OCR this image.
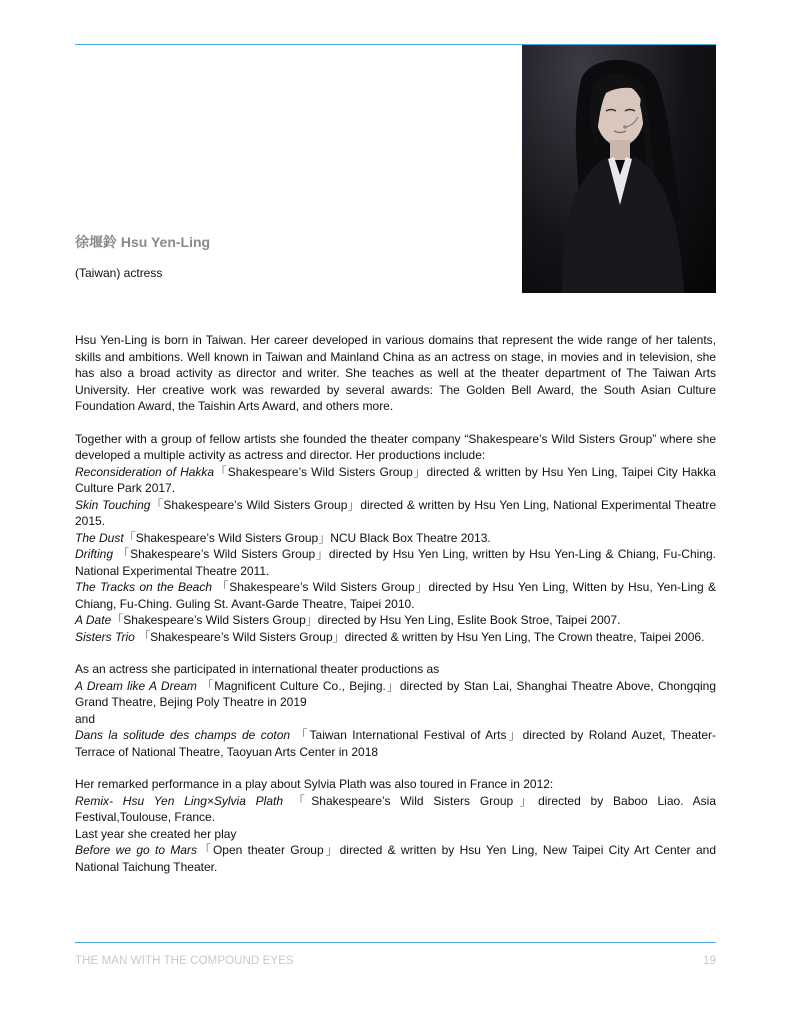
徐堰鈴 Hsu Yen-Ling
(Taiwan) actress

Hsu Yen-Ling is born in Taiwan. Her career developed in various domains that represent the wide range of her talents, skills and ambitions. Well known in Taiwan and Mainland China as an actress on stage, in movies and in television, she has also a broad activity as director and writer. She teaches as well at the theater department of The Taiwan Arts University. Her creative work was rewarded by several awards: The Golden Bell Award, the South Asian Culture Foundation Award, the Taishin Arts Award, and others more.

Together with a group of fellow artists she founded the theater company “Shakespeare’s Wild Sisters Group” where she developed a multiple activity as actress and director. Her productions include:

Reconsideration of Hakka「Shakespeare’s Wild Sisters Group」directed & written by Hsu Yen Ling, Taipei City Hakka Culture Park 2017.

Skin Touching「Shakespeare’s Wild Sisters Group」directed & written by Hsu Yen Ling, National Experimental Theatre 2015.

The Dust「Shakespeare’s Wild Sisters Group」NCU Black Box Theatre 2013.

Drifting 「Shakespeare’s Wild Sisters Group」directed by Hsu Yen Ling, written by Hsu Yen-Ling & Chiang, Fu-Ching. National Experimental Theatre 2011.

The Tracks on the Beach 「Shakespeare’s Wild Sisters Group」directed by Hsu Yen Ling, Witten by Hsu, Yen-Ling & Chiang, Fu-Ching. Guling St. Avant-Garde Theatre, Taipei 2010.

A Date「Shakespeare’s Wild Sisters Group」directed by Hsu Yen Ling, Eslite Book Stroe, Taipei 2007.

Sisters Trio 「Shakespeare’s Wild Sisters Group」directed & written by Hsu Yen Ling, The Crown theatre, Taipei 2006.

As an actress she participated in international theater productions as

A Dream like A Dream 「Magnificent Culture Co., Bejing.」directed by Stan Lai, Shanghai Theatre Above, Chongqing Grand Theatre, Bejing Poly Theatre in 2019

and

Dans la solitude des champs de coton 「Taiwan International Festival of Arts」directed by Roland Auzet, Theater-Terrace of National Theatre, Taoyuan Arts Center in 2018

Her remarked performance in a play about Sylvia Plath was also toured in France in 2012:

Remix- Hsu Yen Ling×Sylvia Plath 「Shakespeare’s Wild Sisters Group」directed by Baboo Liao. Asia Festival,Toulouse, France.

Last year she created her play

Before we go to Mars「Open theater Group」directed & written by Hsu Yen Ling, New Taipei City Art Center and National Taichung Theater.

THE MAN WITH THE COMPOUND EYES	19
